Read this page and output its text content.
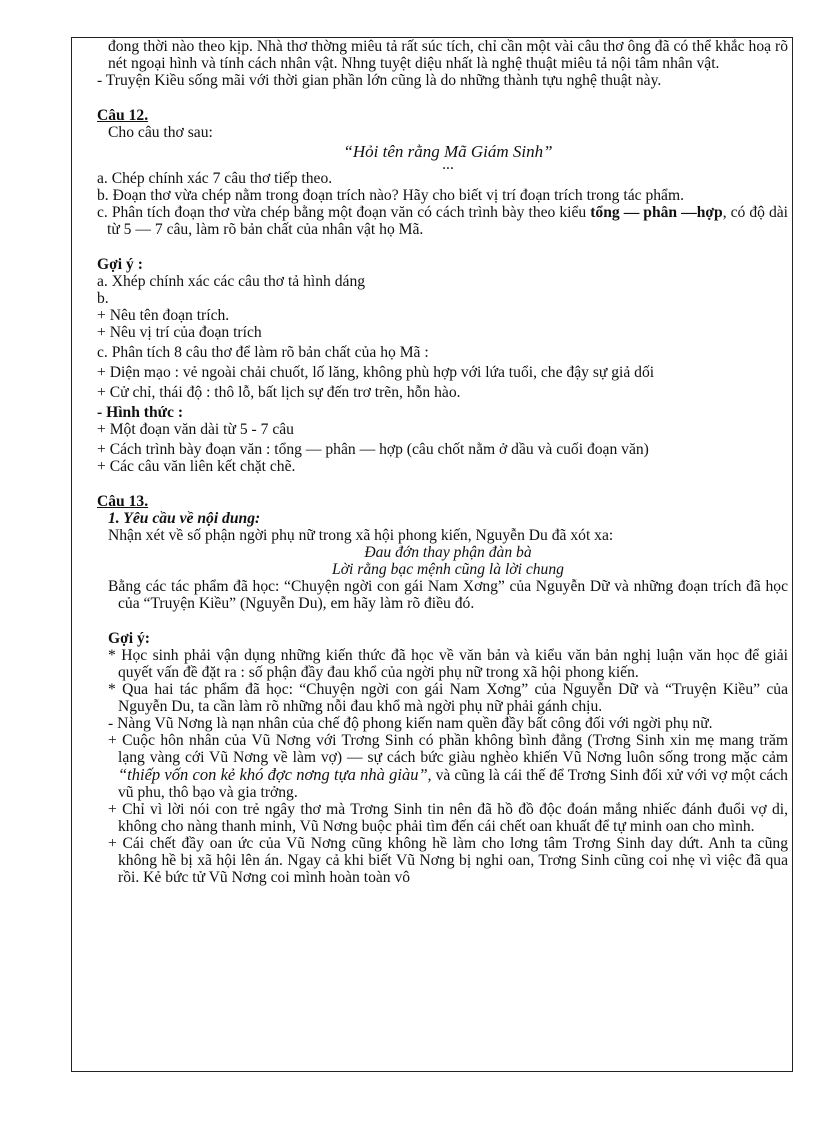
đong thời nào theo kịp. Nhà thơ thờng miêu tả rất súc tích, chỉ cần một vài câu thơ ông đã có thể khắc hoạ rõ nét ngoại hình và tính cách nhân vật. Nhng tuyệt diệu nhất là nghệ thuật miêu tả nội tâm nhân vật.

- Truyện Kiều sống mãi với thời gian phần lớn cũng là do những thành tựu nghệ thuật này.

Câu 12.

Cho câu thơ sau:

“Hỏi tên rằng Mã Giám Sinh”

...

a. Chép chính xác 7 câu thơ tiếp theo.

b. Đoạn thơ vừa chép nằm trong đoạn trích nào? Hãy cho biết vị trí đoạn trích trong tác phẩm.

c. Phân tích đoạn thơ vừa chép bằng một đoạn văn có cách trình bày theo kiểu tổng — phân —hợp, có độ dài từ 5 — 7 câu, làm rõ bản chất của nhân vật họ Mã.

Gợi ý :

a. Xhép chính xác các câu thơ tả hình dáng

b.

+ Nêu tên đoạn trích.

+ Nêu vị trí của đoạn trích

c. Phân tích 8 câu thơ để làm rõ bản chất của họ Mã :

+ Diện mạo : vẻ ngoài chải chuốt, lố lăng, không phù hợp với lứa tuổi, che đậy sự giả dối

+ Cử chỉ, thái độ : thô lỗ, bất lịch sự đến trơ trẽn, hỗn hào.

- Hình thức :

+ Một đoạn văn dài từ 5 - 7 câu

+ Cách trình bày đoạn văn : tổng — phân — hợp (câu chốt nằm ở dầu và cuối đoạn văn)

+ Các câu văn liên kết chặt chẽ.

Câu 13.

1. Yêu cầu về nội dung:

Nhận xét về số phận ngời phụ nữ trong xã hội phong kiến, Nguyễn Du đã xót xa:

Đau đớn thay phận đàn bà

Lời rằng bạc mệnh cũng là lời chung

Bằng các tác phẩm đã học: “Chuyện ngời con gái Nam Xơng” của Nguyễn Dữ và những đoạn trích đã học của “Truyện Kiều” (Nguyễn Du), em hãy làm rõ điều đó.

Gợi ý:

* Học sinh phải vận dụng những kiến thức đã học về văn bản và kiểu văn bản nghị luận văn học để giải quyết vấn đề đặt ra : số phận đầy đau khổ của ngời phụ nữ trong xã hội phong kiến.

* Qua hai tác phẩm đã học: “Chuyện ngời con gái Nam Xơng” của Nguyễn Dữ và “Truyện Kiều” của Nguyễn Du, ta cần làm rõ những nỗi đau khổ mà ngời phụ nữ phải gánh chịu.

- Nàng Vũ Nơng là nạn nhân của chế độ phong kiến nam quền đầy bất công đối với ngời phụ nữ.

+ Cuộc hôn nhân của Vũ Nơng với Trơng Sinh có phần không bình đẳng (Trơng Sinh xin mẹ mang trăm lạng vàng cới Vũ Nơng về làm vợ) — sự cách bức giàu nghèo khiến Vũ Nơng luôn sống trong mặc cảm “thiếp vốn con kẻ khó đợc nơng tựa nhà giàu”, và cũng là cái thế để Trơng Sinh đối xử với vợ một cách vũ phu, thô bạo và gia trởng.

+ Chỉ vì lời nói con trẻ ngây thơ mà Trơng Sinh tin nên đã hồ đồ độc đoán mắng nhiếc đánh đuổi vợ di, không cho nàng thanh minh, Vũ Nơng buộc phải tìm đến cái chết oan khuất để tự minh oan cho mình.

+ Cái chết đầy oan ức của Vũ Nơng cũng không hề làm cho lơng tâm Trơng Sinh day dứt. Anh ta cũng không hề bị xã hội lên án. Ngay cả khi biết Vũ Nơng bị nghi oan, Trơng Sinh cũng coi nhẹ vì việc đã qua rồi. Kẻ bức tử Vũ Nơng coi mình hoàn toàn vô
